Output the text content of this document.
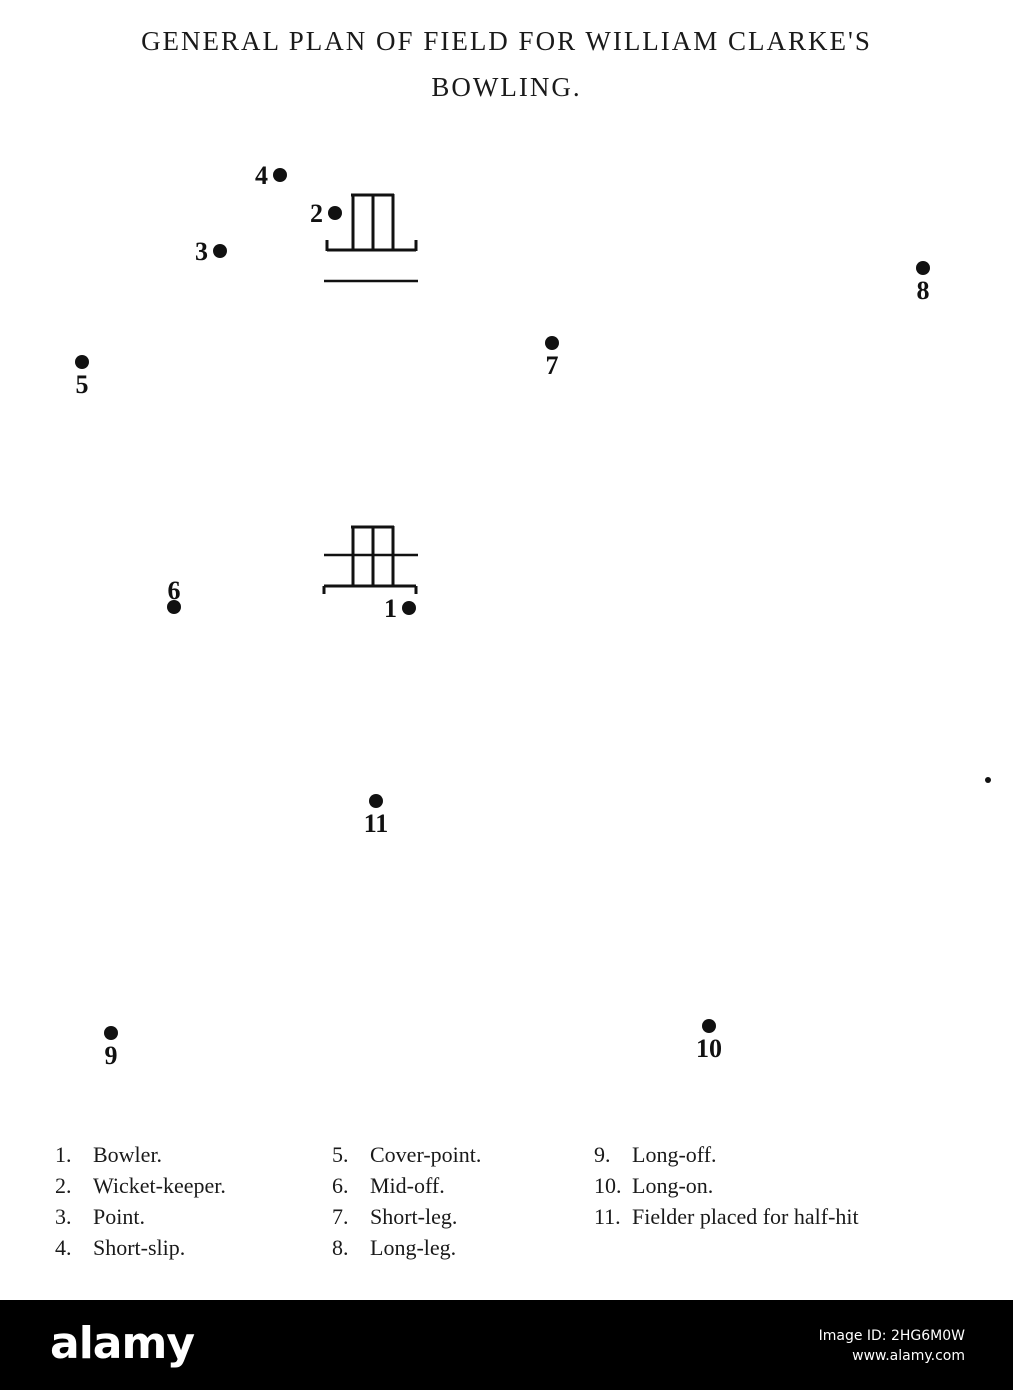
GENERAL PLAN OF FIELD FOR WILLIAM CLARKE'S
BOWLING.
1
2
3
4
5
6
7
8
9	10
11
1. Bowler.
2. Wicket-keeper.
3. Point.
4. Short-slip.
5. Cover-point.
6. Mid-off.
7. Short-leg.
8. Long-leg.
9. Long-off.
10. Long-on.
11. Fielder placed for half-hit
alamy	Image ID: 2HG6M0W
www.alamy.com
